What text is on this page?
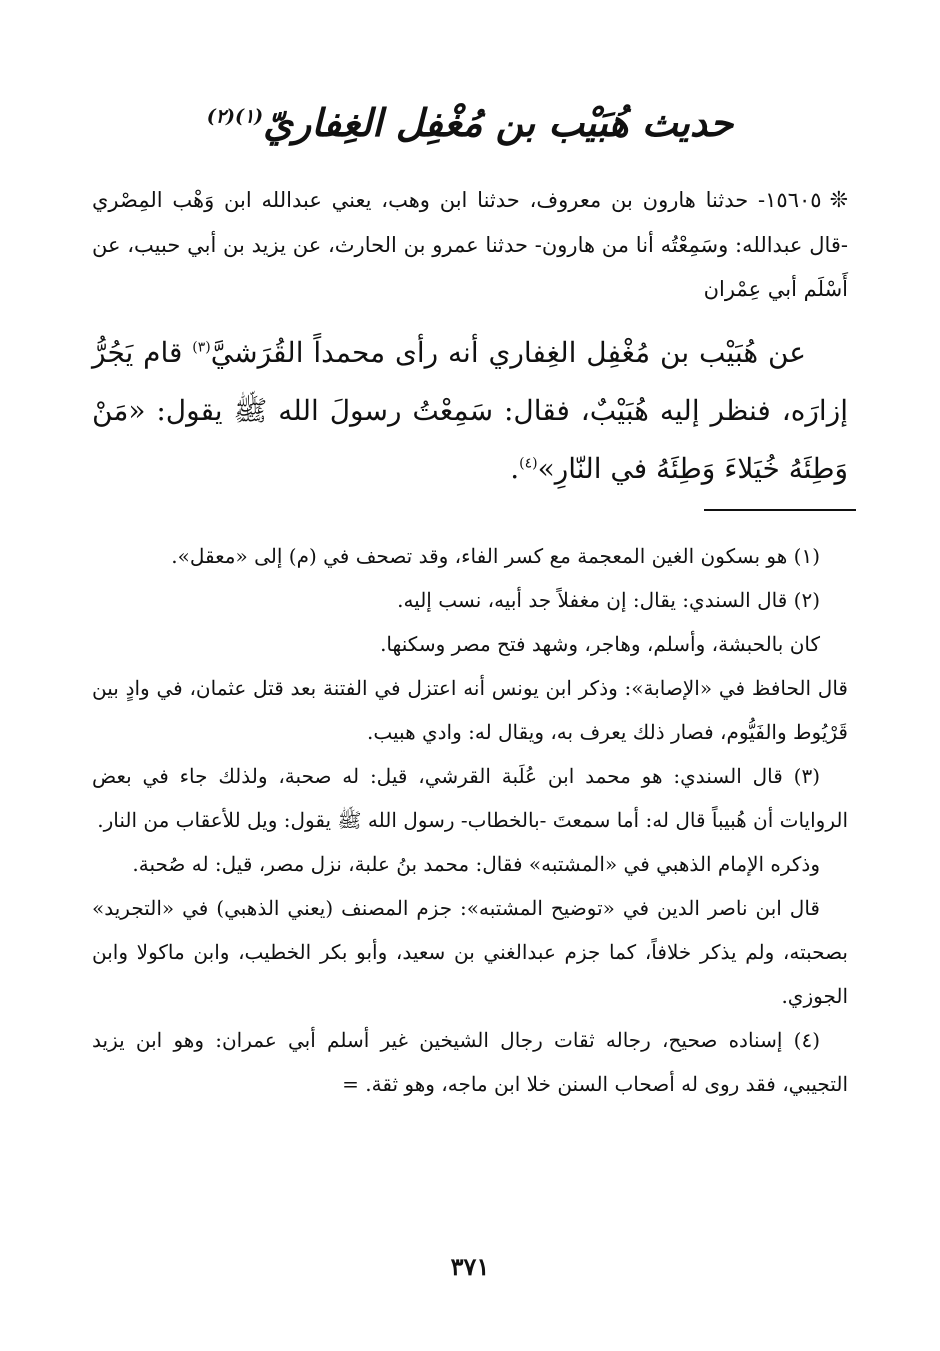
حديث هُبَيْب بن مُغْفِل الغِفاريّ$^{(١)(٢)}$
❊١٥٦٠٥- حدثنا هارون بن معروف، حدثنا ابن وهب، يعني عبدالله ابن وَهْب المِصْري -قال عبدالله: وسَمِعْتُه أنا من هارون- حدثنا عمرو بن الحارث، عن يزيد بن أبي حبيب، عن أَسْلَم أبي عِمْران

عن هُبَيْب بن مُغْفِل الغِفاري أنه رأى محمداً القُرَشيَّ$^{(٣)}$ قام يَجُرُّ إزارَه، فنظر إليه هُبَيْبٌ، فقال: سَمِعْتُ رسولَ الله ﷺ يقول: «مَنْ وَطِئَهُ خُيَلاءَ وَطِئَهُ في النّارِ»$^{(٤)}$.

(١) هو بسكون الغين المعجمة مع كسر الفاء، وقد تصحف في (م) إلى «معقل».

(٢) قال السندي: يقال: إن مغفلاً جد أبيه، نسب إليه.

كان بالحبشة، وأسلم، وهاجر، وشهد فتح مصر وسكنها.

قال الحافظ في «الإصابة»: وذكر ابن يونس أنه اعتزل في الفتنة بعد قتل عثمان، في وادٍ بين قَرْيُوط والفَيُّوم، فصار ذلك يعرف به، ويقال له: وادي هبيب.

(٣) قال السندي: هو محمد ابن عُلَبة القرشي، قيل: له صحبة، ولذلك جاء في بعض الروايات أن هُبيباً قال له: أما سمعتَ -بالخطاب- رسول الله ﷺ يقول: ويل للأعقاب من النار.

وذكره الإمام الذهبي في «المشتبه» فقال: محمد بنُ علبة، نزل مصر، قيل: له صُحبة.

قال ابن ناصر الدين في «توضيح المشتبه»: جزم المصنف (يعني الذهبي) في «التجريد» بصحبته، ولم يذكر خلافاً، كما جزم عبدالغني بن سعيد، وأبو بكر الخطيب، وابن ماكولا وابن الجوزي.

(٤) إسناده صحيح، رجاله ثقات رجال الشيخين غير أسلم أبي عمران: وهو ابن يزيد التجيبي، فقد روى له أصحاب السنن خلا ابن ماجه، وهو ثقة. =

٣٧١
